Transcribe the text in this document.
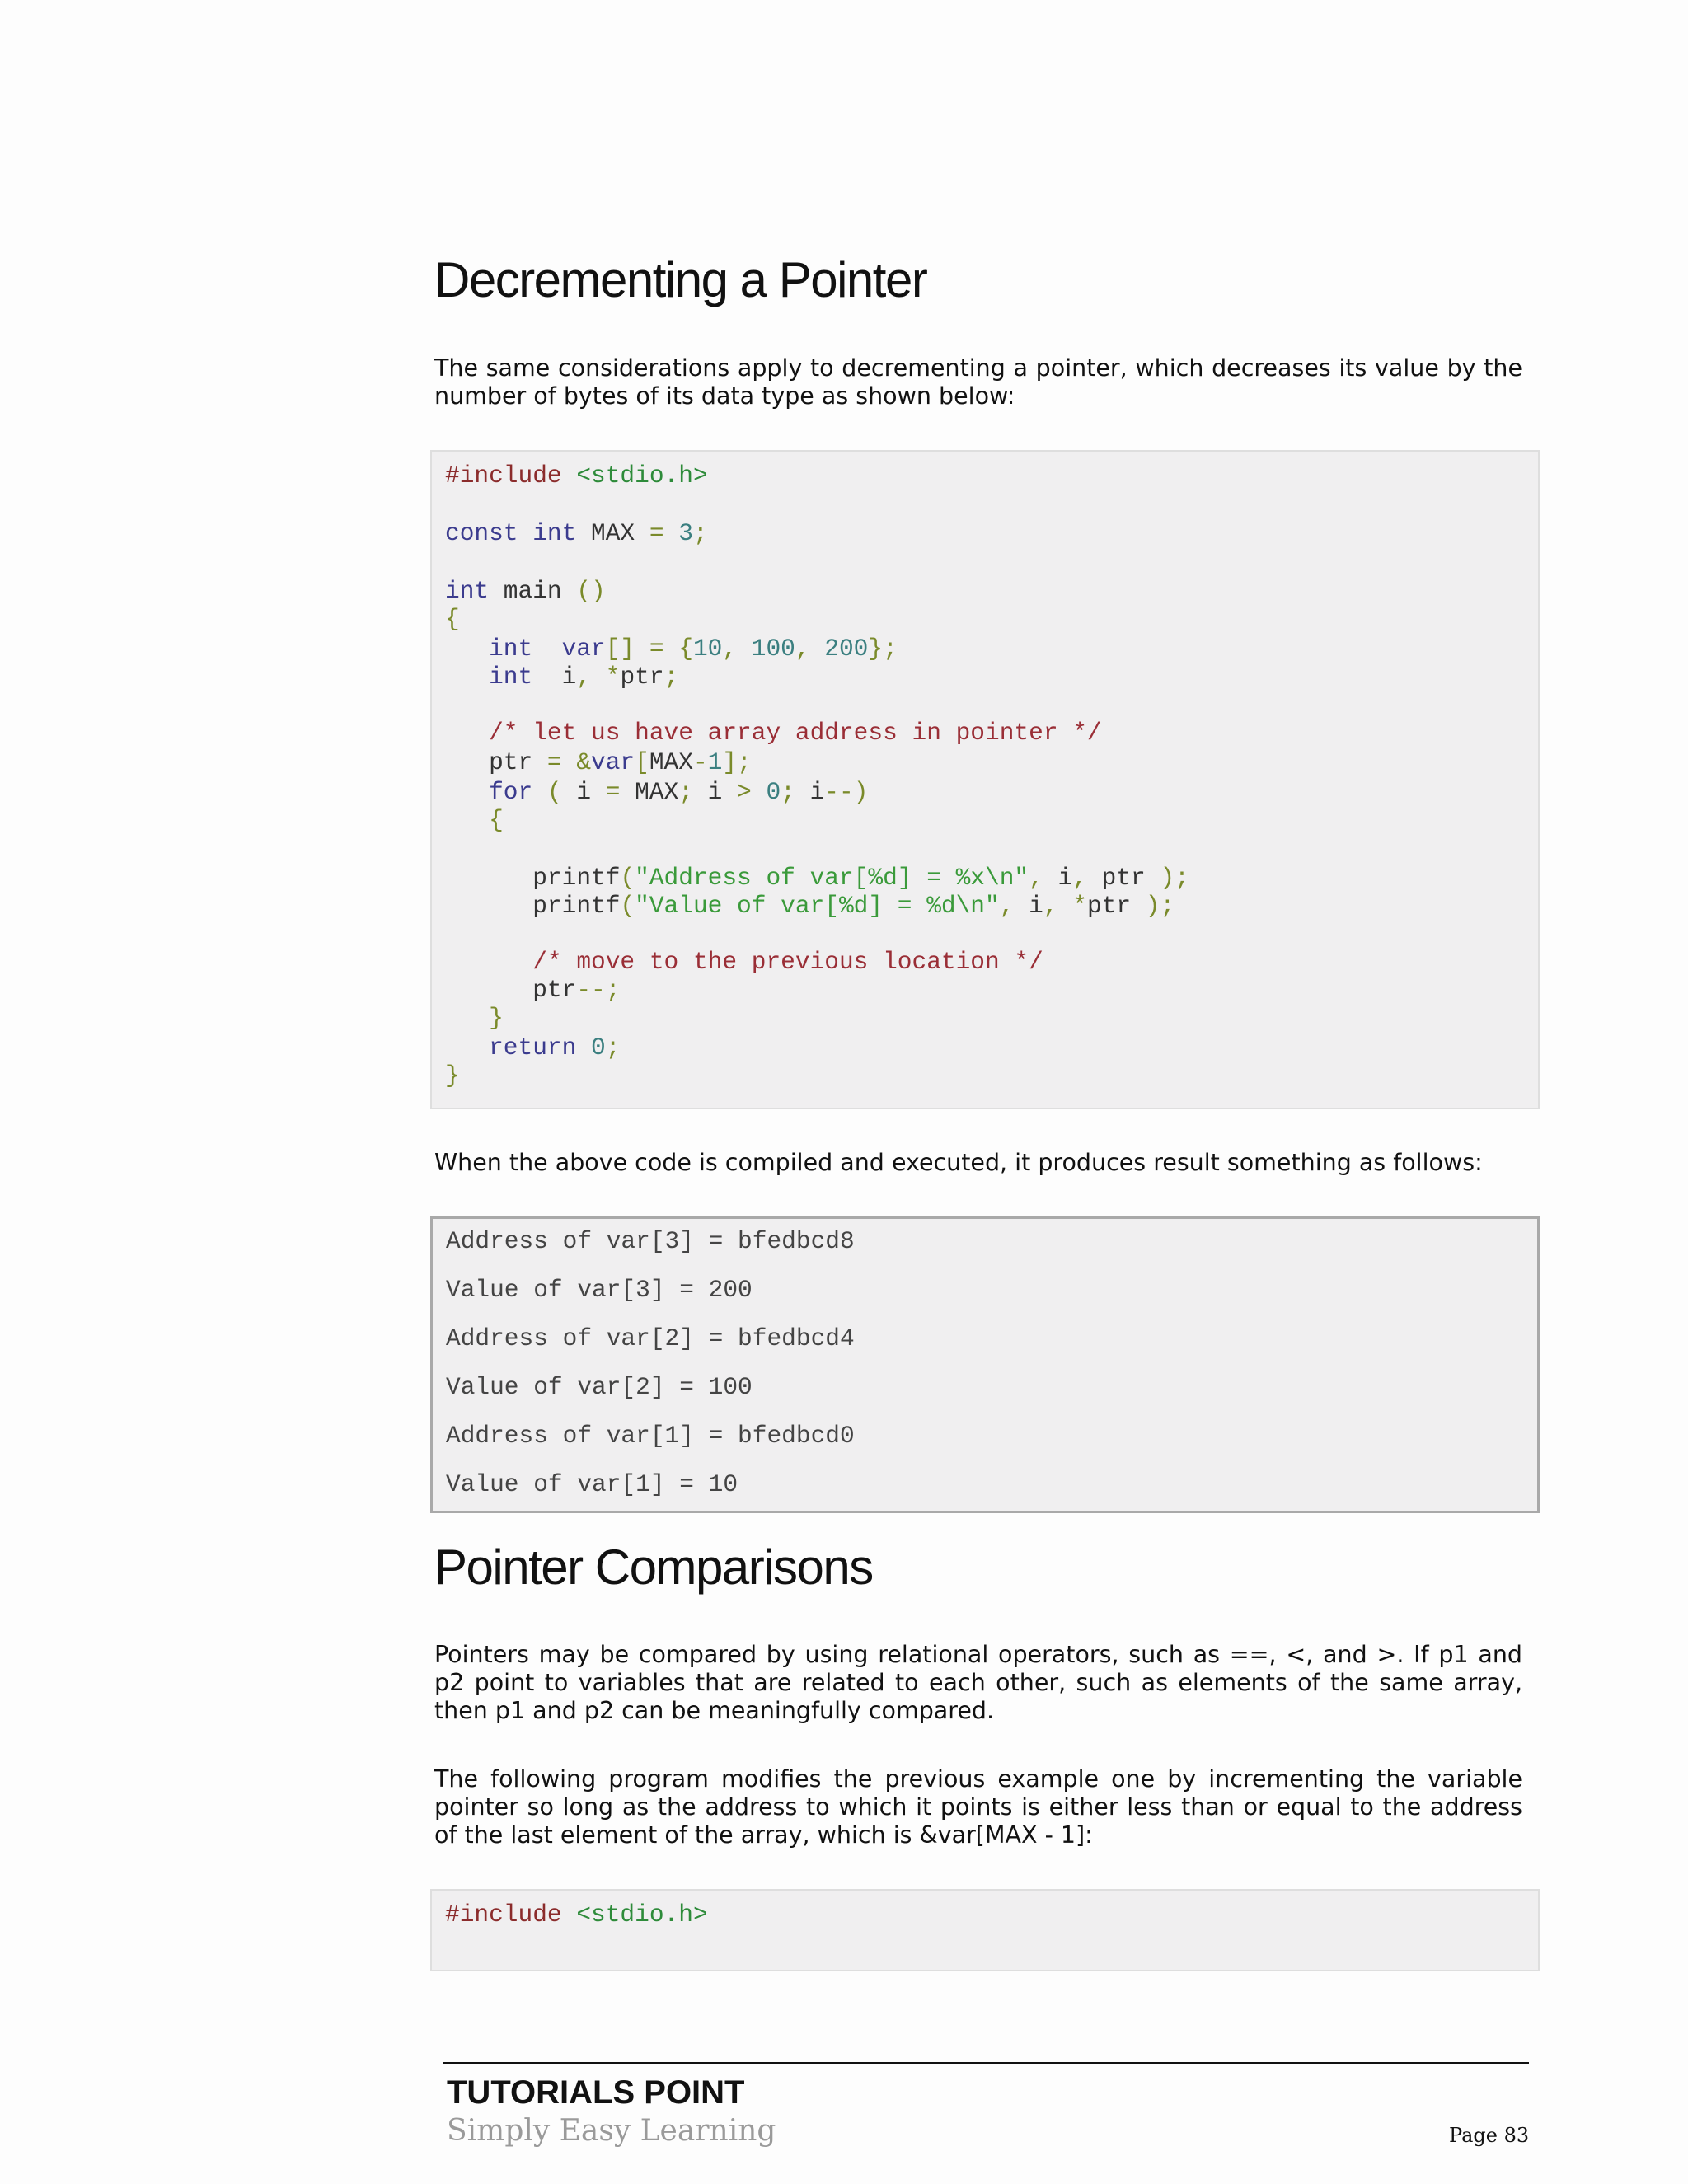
Decrementing a Pointer

The same considerations apply to decrementing a pointer, which decreases its value by the number of bytes of its data type as shown below:

#include <stdio.h>

const int MAX = 3;

int main ()

{

int var[] = {10, 100, 200};

int  i, *ptr;

/* let us have array address in pointer */

ptr = &var[MAX-1];

for ( i = MAX; i > 0; i--)

{

printf("Address of var[%d] = %x\n", i, ptr );

printf("Value of var[%d] = %d\n", i, *ptr );

/* move to the previous location */

ptr--;

}

return 0;

}

When the above code is compiled and executed, it produces result something as follows:

Address of var[3] = bfedbcd8

Value of var[3] = 200

Address of var[2] = bfedbcd4

Value of var[2] = 100

Address of var[1] = bfedbcd0

Value of var[1] = 10

Pointer Comparisons

Pointers may be compared by using relational operators, such as ==, <, and >. If p1 and p2 point to variables that are related to each other, such as elements of the same array, then p1 and p2 can be meaningfully compared.

The following program modifies the previous example one by incrementing the variable pointer so long as the address to which it points is either less than or equal to the address of the last element of the array, which is &var[MAX - 1]:

#include <stdio.h>

TUTORIALS POINT
Simply Easy Learning	Page 83
